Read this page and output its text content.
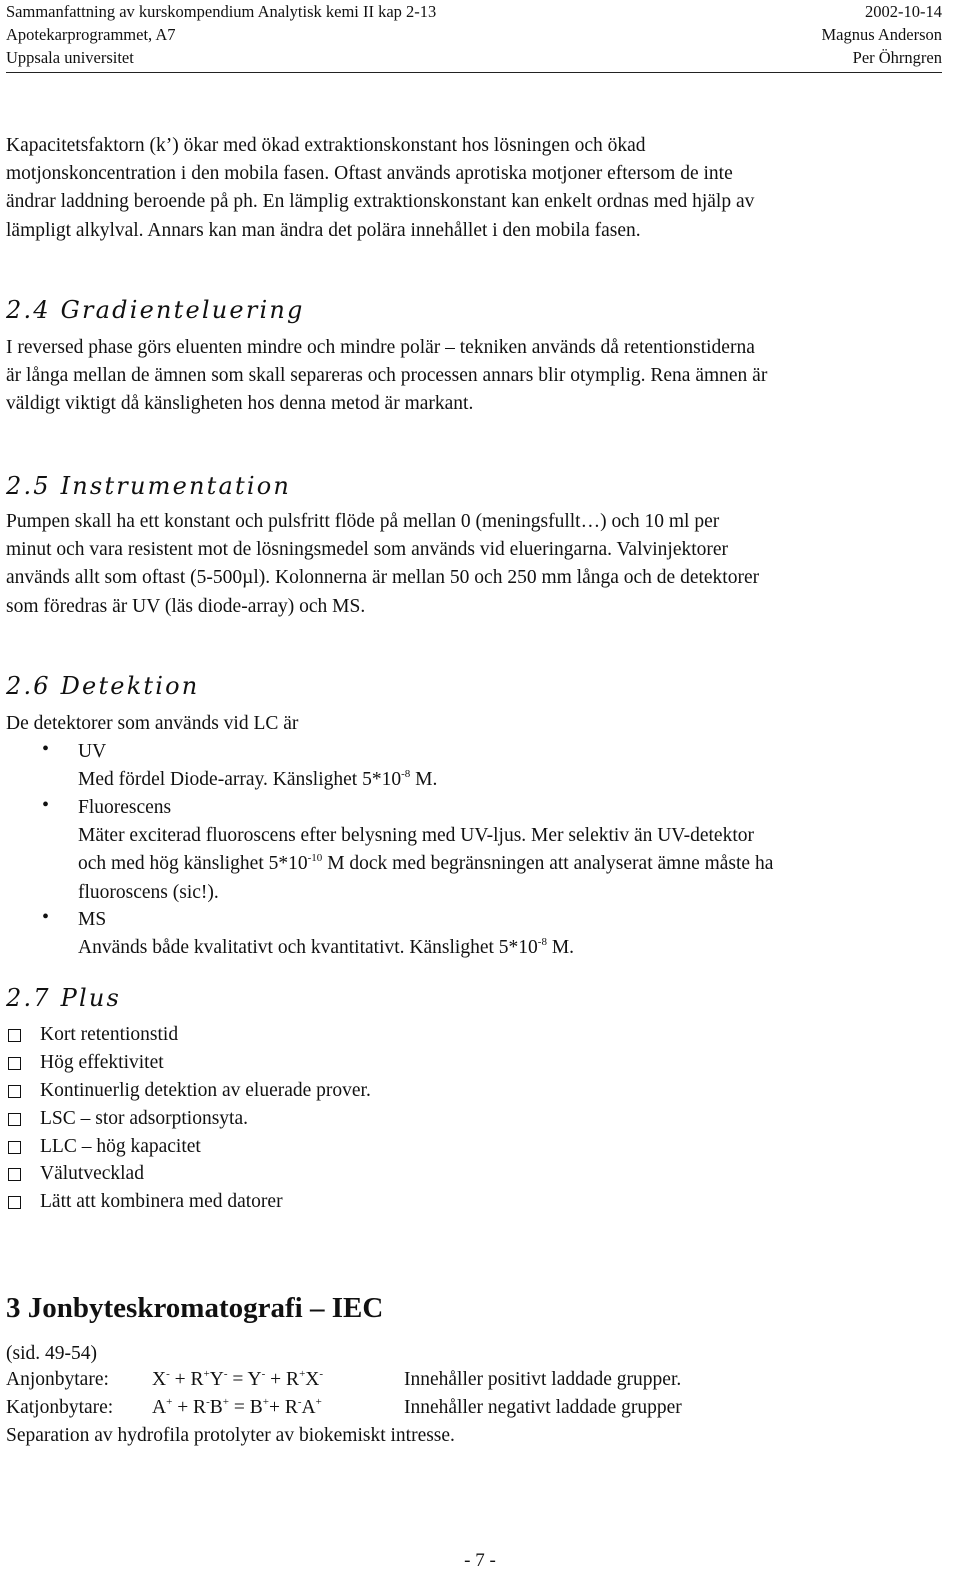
Sammanfattning av kurskompendium Analytisk kemi II kap 2-13	2002-10-14
Apotekarprogrammet, A7	Magnus Anderson
Uppsala universitet	Per Öhrngren
Kapacitetsfaktorn (k’) ökar med ökad extraktionskonstant hos lösningen och ökad
motjonskoncentration i den mobila fasen. Oftast används aprotiska motjoner eftersom de inte
ändrar laddning beroende på ph. En lämplig extraktionskonstant kan enkelt ordnas med hjälp av
lämpligt alkylval. Annars kan man ändra det polära innehållet i den mobila fasen.
2.4 Gradienteluering
I reversed phase görs eluenten mindre och mindre polär – tekniken används då retentionstiderna
är långa mellan de ämnen som skall separeras och processen annars blir otymplig. Rena ämnen är
väldigt viktigt då känsligheten hos denna metod är markant.
2.5 Instrumentation
Pumpen skall ha ett konstant och pulsfritt flöde på mellan 0 (meningsfullt…) och 10 ml per
minut och vara resistent mot de lösningsmedel som används vid elueringarna. Valvinjektorer
används allt som oftast (5-500µl). Kolonnerna är mellan 50 och 250 mm långa och de detektorer
som föredras är UV (läs diode-array) och MS.
2.6 Detektion
De detektorer som används vid LC är
• UV
Med fördel Diode-array. Känslighet $5*10^{-8}$ M.
• Fluorescens
Mäter exciterad fluoroscens efter belysning med UV-ljus. Mer selektiv än UV-detektor
och med hög känslighet $5*10^{-10}$ M dock med begränsningen att analyserat ämne måste ha
fluoroscens (sic!).
• MS
Används både kvalitativt och kvantitativt. Känslighet $5*10^{-8}$ M.
2.7 Plus
Kort retentionstid
Hög effektivitet
Kontinuerlig detektion av eluerade prover.
LSC – stor adsorptionsyta.
LLC – hög kapacitet
Välutvecklad
Lätt att kombinera med datorer
3 Jonbyteskromatografi – IEC
(sid. 49-54)
Anjonbytare: X- + R+Y- = Y- + R+X-	Innehåller positivt laddade grupper.
Katjonbytare: A+ + R-B+ = B++ R-A+	Innehåller negativt laddade grupper
Separation av hydrofila protolyter av biokemiskt intresse.
- 7 -
